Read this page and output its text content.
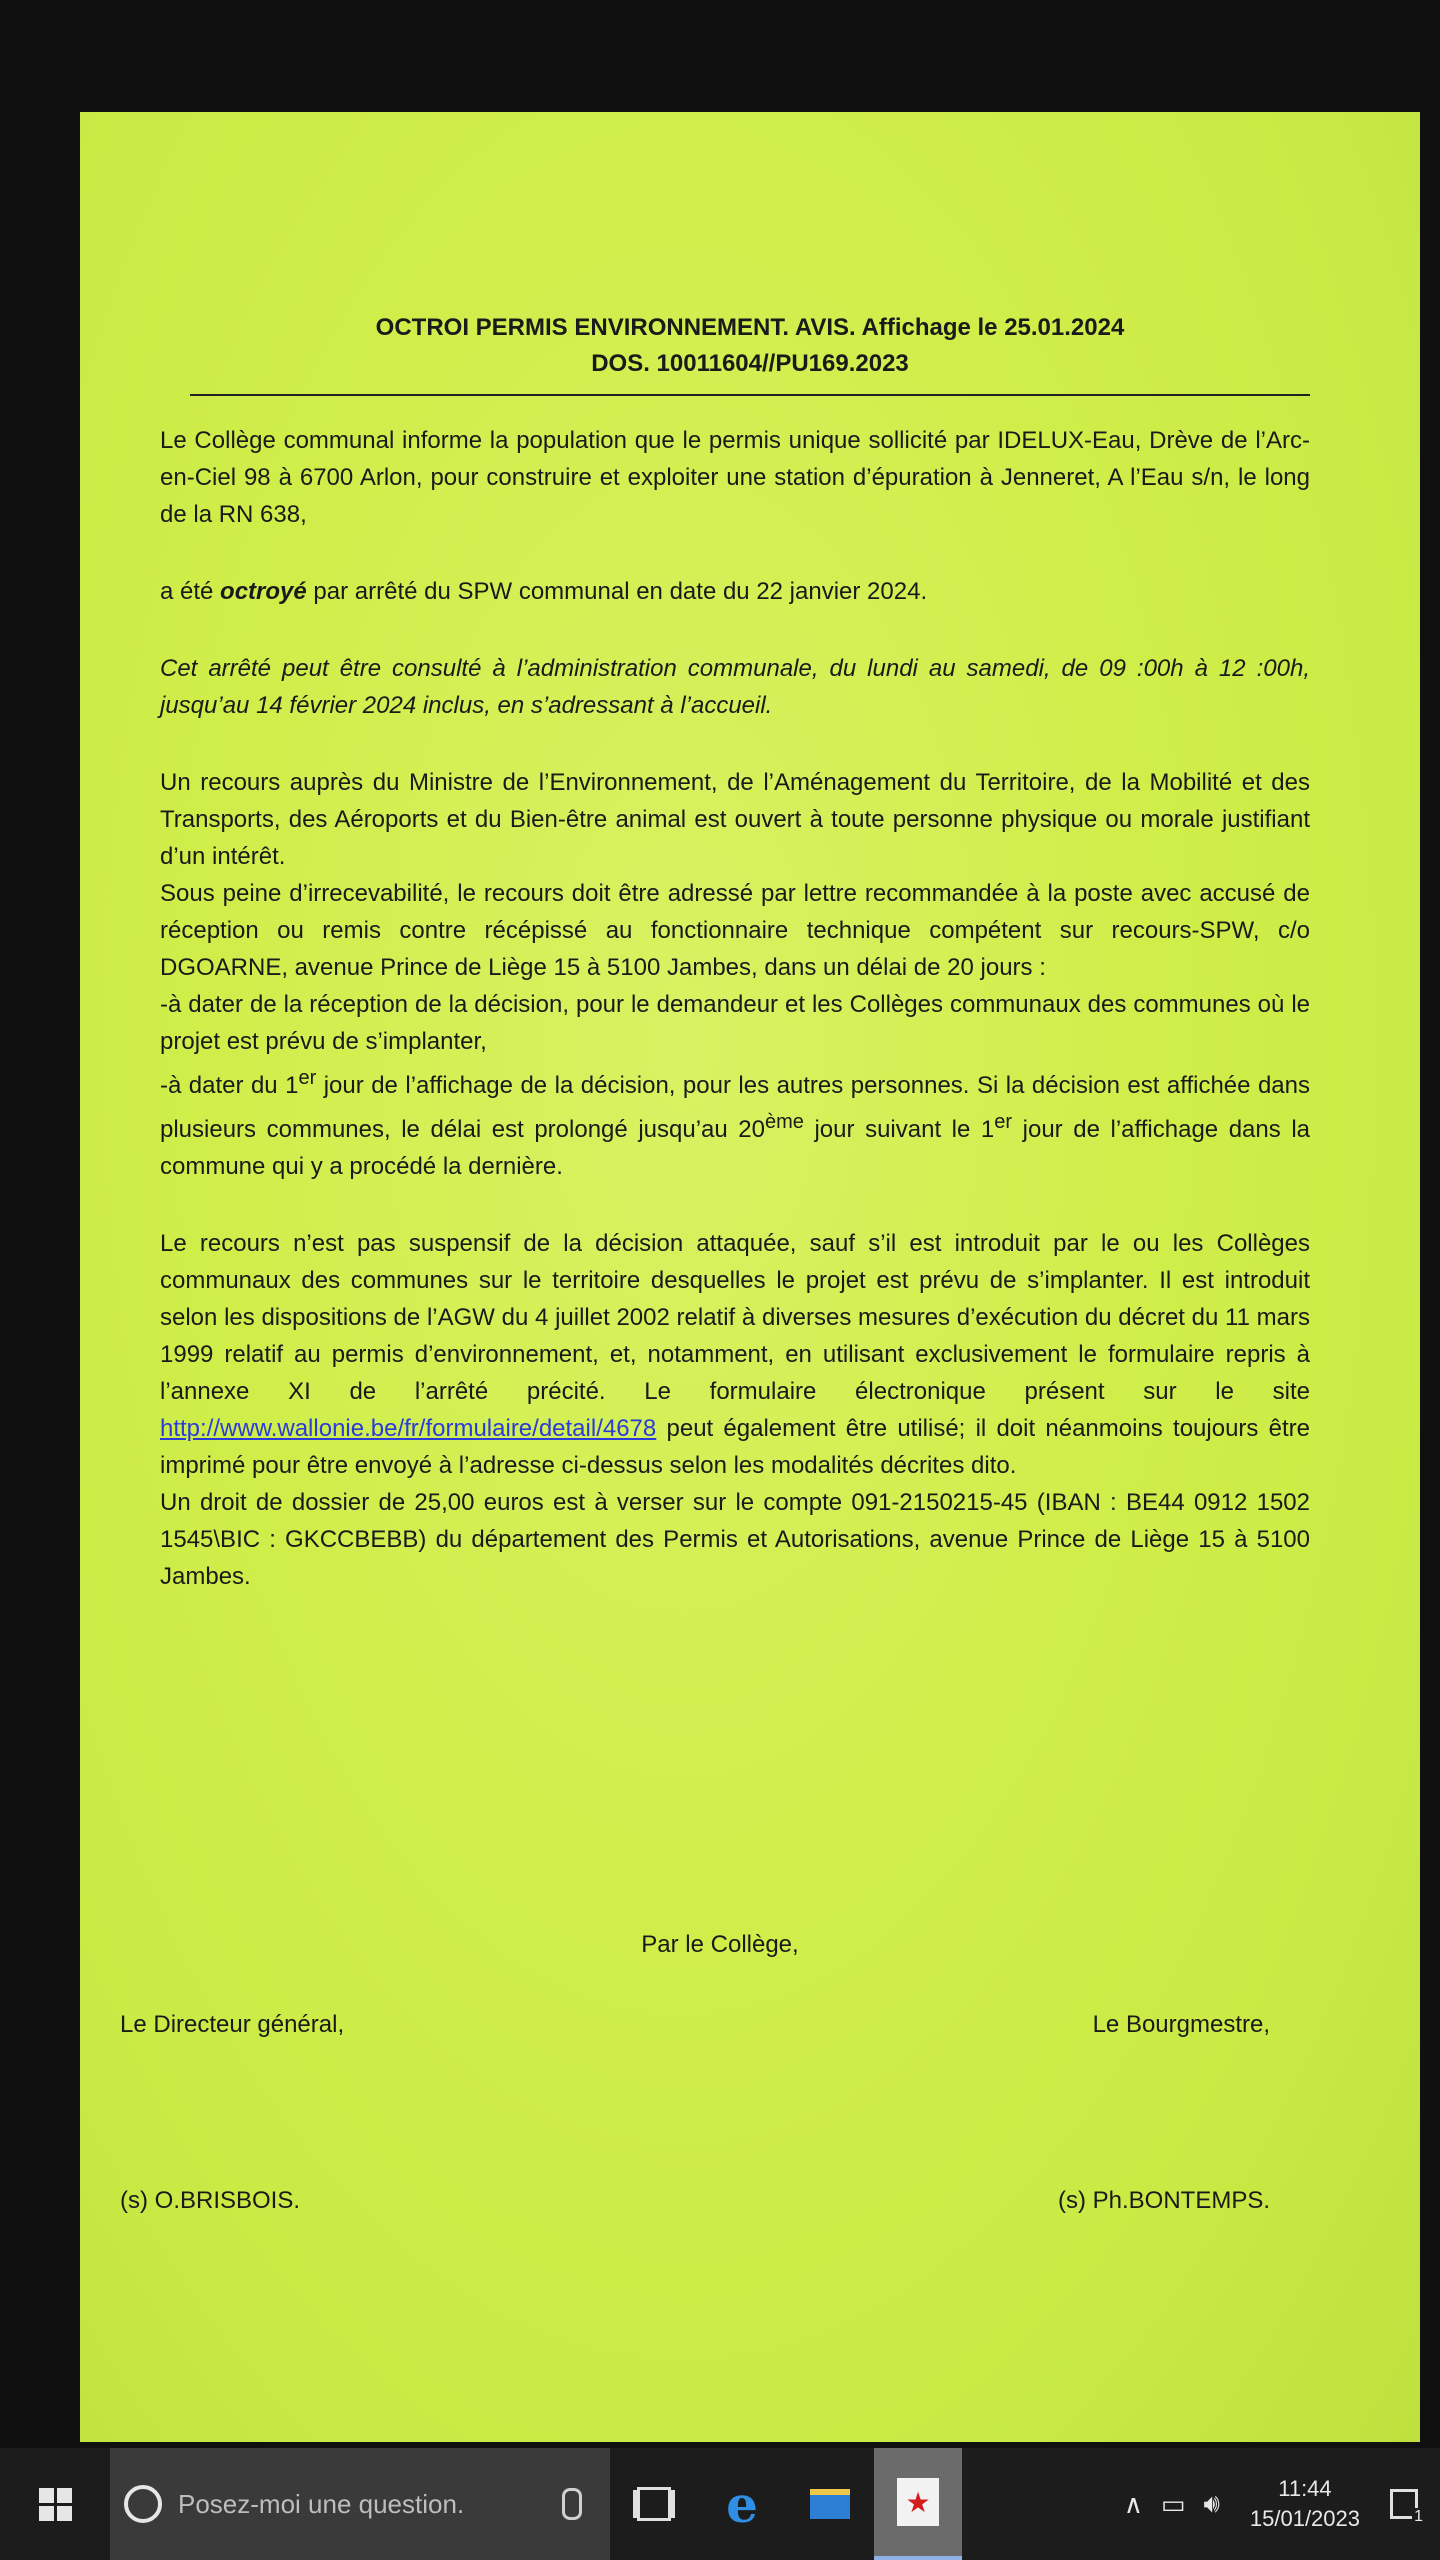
OCTROI PERMIS ENVIRONNEMENT. AVIS. Affichage le 25.01.2024
DOS. 10011604//PU169.2023

Le Collège communal informe la population que le permis unique sollicité par IDELUX-Eau, Drève de l’Arc-en-Ciel 98 à 6700 Arlon, pour construire et exploiter une station d’épuration à Jenneret, A l’Eau s/n, le long de la RN 638,

a été octroyé par arrêté du SPW communal en date du 22 janvier 2024.

Cet arrêté peut être consulté à l’administration communale, du lundi au samedi, de 09 :00h à 12 :00h, jusqu’au 14 février 2024 inclus, en s’adressant à l’accueil.

Un recours auprès du Ministre de l’Environnement, de l’Aménagement du Territoire, de la Mobilité et des Transports, des Aéroports et du Bien-être animal est ouvert à toute personne physique ou morale justifiant d’un intérêt.

Sous peine d’irrecevabilité, le recours doit être adressé par lettre recommandée à la poste avec accusé de réception ou remis contre récépissé au fonctionnaire technique compétent sur recours-SPW, c/o DGOARNE, avenue Prince de Liège 15 à 5100 Jambes, dans un délai de 20 jours :

-à dater de la réception de la décision, pour le demandeur et les Collèges communaux des communes où le projet est prévu de s’implanter,

-à dater du 1er jour de l’affichage de la décision, pour les autres personnes. Si la décision est affichée dans plusieurs communes, le délai est prolongé jusqu’au 20ème jour suivant le 1er jour de l’affichage dans la commune qui y a procédé la dernière.

Le recours n’est pas suspensif de la décision attaquée, sauf s’il est introduit par le ou les Collèges communaux des communes sur le territoire desquelles le projet est prévu de s’implanter. Il est introduit selon les dispositions de l’AGW du 4 juillet 2002 relatif à diverses mesures d’exécution du décret du 11 mars 1999 relatif au permis d’environnement, et, notamment, en utilisant exclusivement le formulaire repris à l’annexe XI de l’arrêté précité. Le formulaire électronique présent sur le site http://www.wallonie.be/fr/formulaire/detail/4678 peut également être utilisé; il doit néanmoins toujours être imprimé pour être envoyé à l’adresse ci-dessus selon les modalités décrites dito.

Un droit de dossier de 25,00 euros est à verser sur le compte 091-2150215-45 (IBAN : BE44 0912 1502 1545\BIC : GKCCBEBB) du département des Permis et Autorisations, avenue Prince de Liège 15 à 5100 Jambes.

Par le Collège,
Le Directeur général,	Le Bourgmestre,
(s) O.BRISBOIS.	(s) Ph.BONTEMPS.
Posez-moi une question.	e	★	∧ ▭ 🔊︎	11:44
15/01/2023	1
